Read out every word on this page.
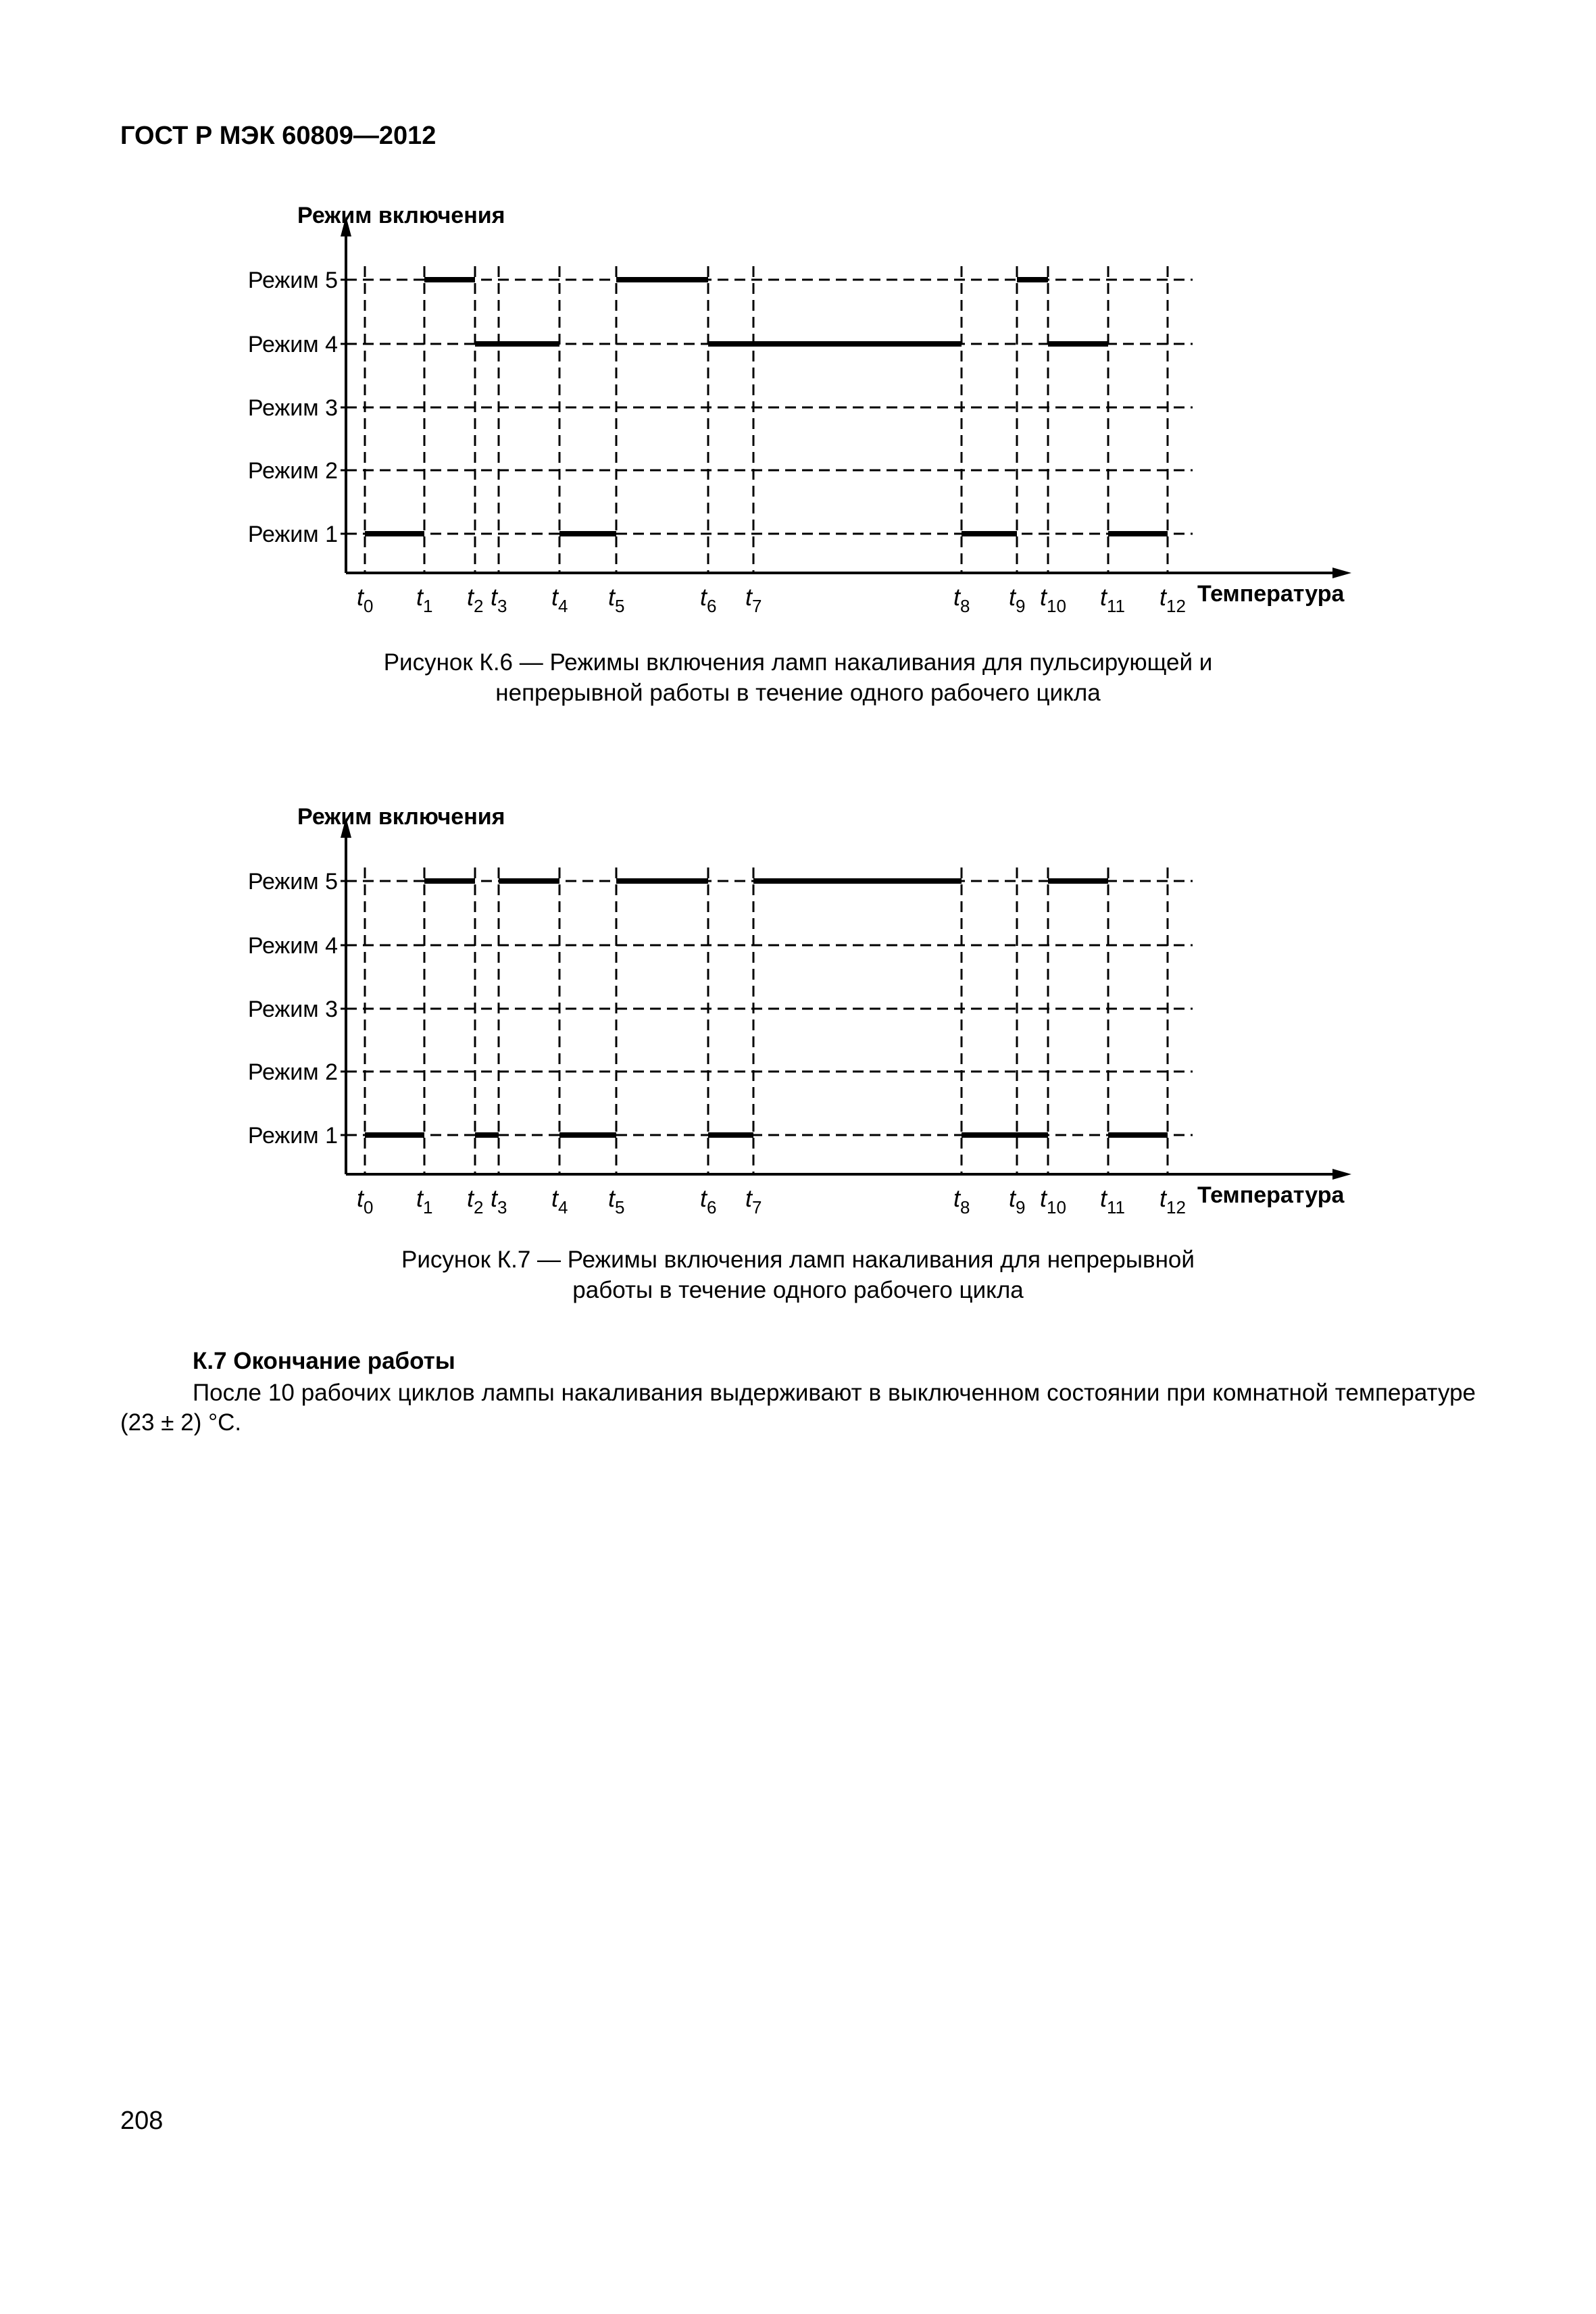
ГОСТ Р МЭК 60809—2012
Режим 1
Режим 2
Режим 3
Режим 4
Режим 5
$t_0$ $t_1$ $t_2$ $t_3$ $t_4$ $t_5$	$t_6$ $t_7$	$t_8$ $t_9$ $t_{10}$ $t_{11}$ $t_{12}$
Режим включения
Температура
Рисунок К.6 — Режимы включения ламп накаливания для пульсирующей и
непрерывной работы в течение одного рабочего цикла
Режим 1
Режим 2
Режим 3
Режим 4
Режим 5
$t_0$ $t_1$ $t_2$ $t_3$ $t_4$ $t_5$	$t_6$ $t_7$	$t_8$ $t_9$ $t_{10}$ $t_{11}$ $t_{12}$
Режим включения
Температура
Рисунок К.7 — Режимы включения ламп накаливания для непрерывной
работы в течение одного рабочего цикла
К.7 Окончание работы
После 10 рабочих циклов лампы накаливания выдерживают в выключенном состоянии при комнатной температуре (23 ± 2) °С.
208
